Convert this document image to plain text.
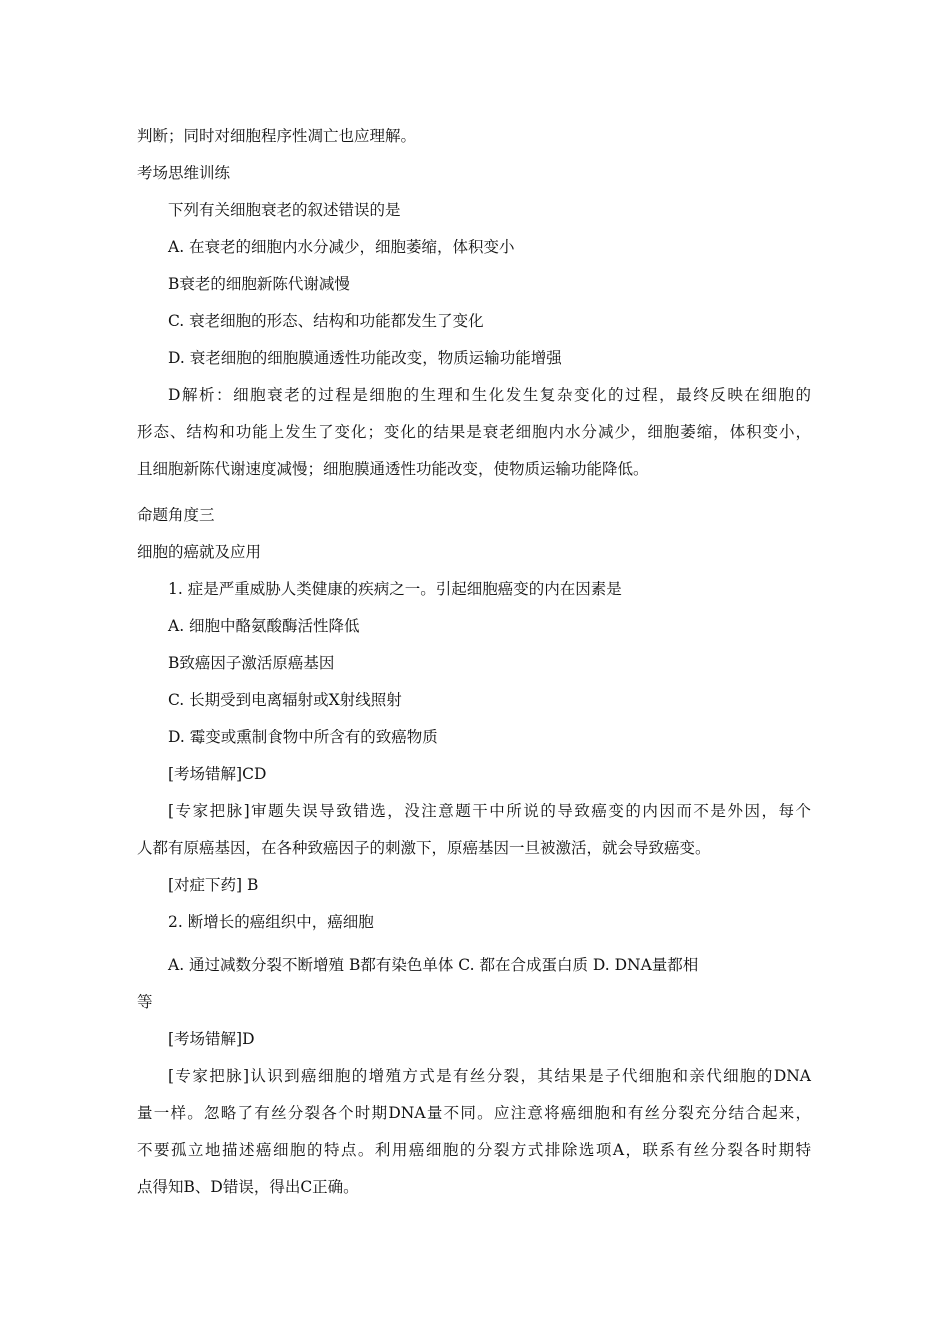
判断；同时对细胞程序性凋亡也应理解。
考场思维训练
下列有关细胞衰老的叙述错误的是
A. 在衰老的细胞内水分减少，细胞萎缩，体积变小
B衰老的细胞新陈代谢减慢
C. 衰老细胞的形态、结构和功能都发生了变化
D. 衰老细胞的细胞膜通透性功能改变，物质运输功能增强
D解析：细胞衰老的过程是细胞的生理和生化发生复杂变化的过程，最终反映在细胞的
形态、结构和功能上发生了变化；变化的结果是衰老细胞内水分减少，细胞萎缩，体积变小，
且细胞新陈代谢速度减慢；细胞膜通透性功能改变，使物质运输功能降低。
命题角度三
细胞的癌就及应用
1. 症是严重威胁人类健康的疾病之一。引起细胞癌变的内在因素是
A. 细胞中酪氨酸酶活性降低
B致癌因子激活原癌基因
C. 长期受到电离辐射或X射线照射
D. 霉变或熏制食物中所含有的致癌物质
[考场错解]CD
[专家把脉]审题失误导致错选，没注意题干中所说的导致癌变的内因而不是外因，每个
人都有原癌基因，在各种致癌因子的刺激下，原癌基因一旦被激活，就会导致癌变。
[对症下药] B
2. 断增长的癌组织中，癌细胞
A. 通过减数分裂不断增殖 B都有染色单体 C. 都在合成蛋白质 D. DNA量都相
等
[考场错解]D
[专家把脉]认识到癌细胞的增殖方式是有丝分裂，其结果是子代细胞和亲代细胞的DNA
量一样。忽略了有丝分裂各个时期DNA量不同。应注意将癌细胞和有丝分裂充分结合起来，
不要孤立地描述癌细胞的特点。利用癌细胞的分裂方式排除选项A，联系有丝分裂各时期特
点得知B、D错误，得出C正确。
